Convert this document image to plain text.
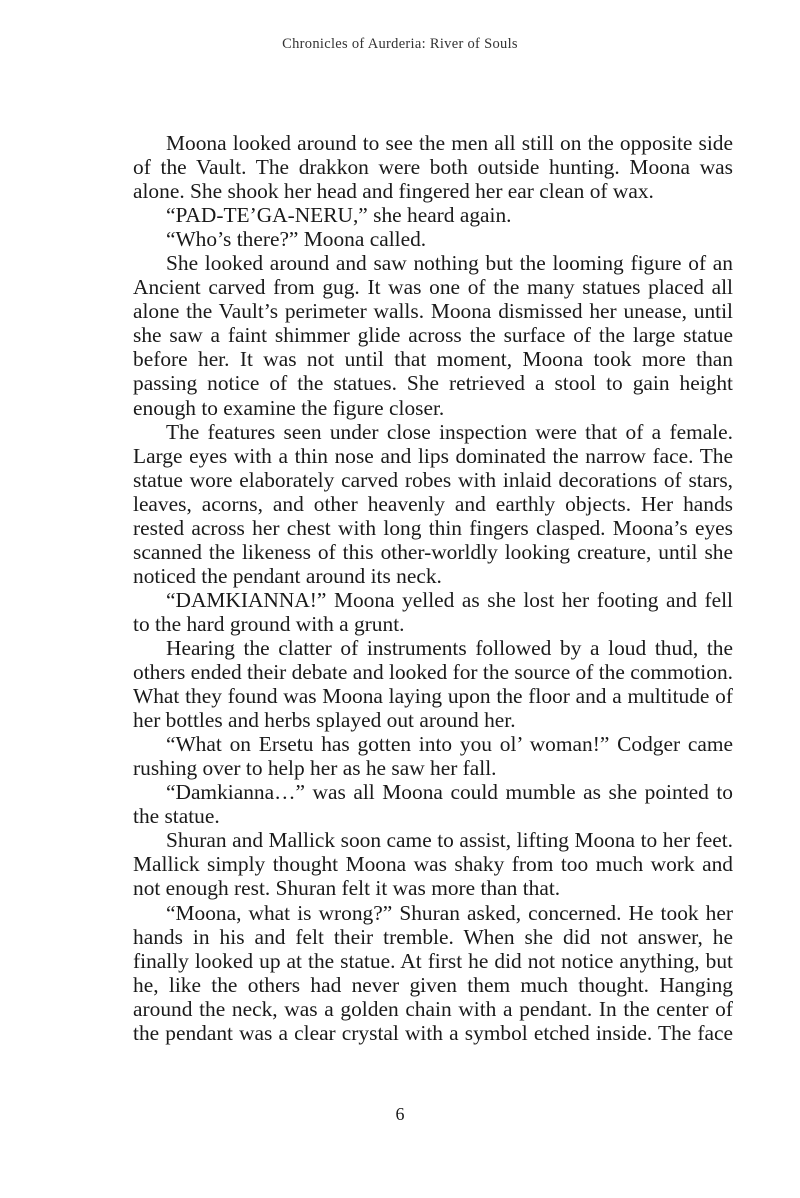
Chronicles of Aurderia: River of Souls

Moona looked around to see the men all still on the opposite side of the Vault. The drakkon were both outside hunting. Moona was alone. She shook her head and fingered her ear clean of wax.

“PAD-TE’GA-NERU,” she heard again.

“Who’s there?” Moona called.

She looked around and saw nothing but the looming figure of an Ancient carved from gug. It was one of the many statues placed all alone the Vault’s perimeter walls. Moona dismissed her unease, until she saw a faint shimmer glide across the surface of the large statue before her. It was not until that moment, Moona took more than passing notice of the statues. She retrieved a stool to gain height enough to examine the figure closer.

The features seen under close inspection were that of a female. Large eyes with a thin nose and lips dominated the narrow face. The statue wore elaborately carved robes with inlaid decorations of stars, leaves, acorns, and other heavenly and earthly objects. Her hands rested across her chest with long thin fingers clasped. Moona’s eyes scanned the likeness of this other-worldly looking creature, until she noticed the pendant around its neck.

“DAMKIANNA!” Moona yelled as she lost her footing and fell to the hard ground with a grunt.

Hearing the clatter of instruments followed by a loud thud, the others ended their debate and looked for the source of the commotion. What they found was Moona laying upon the floor and a multitude of her bottles and herbs splayed out around her.

“What on Ersetu has gotten into you ol’ woman!” Codger came rushing over to help her as he saw her fall.

“Damkianna…” was all Moona could mumble as she pointed to the statue.

Shuran and Mallick soon came to assist, lifting Moona to her feet. Mallick simply thought Moona was shaky from too much work and not enough rest. Shuran felt it was more than that.

“Moona, what is wrong?” Shuran asked, concerned. He took her hands in his and felt their tremble. When she did not answer, he finally looked up at the statue. At first he did not notice anything, but he, like the others had never given them much thought. Hanging around the neck, was a golden chain with a pendant. In the center of the pendant was a clear crystal with a symbol etched inside. The face

6
